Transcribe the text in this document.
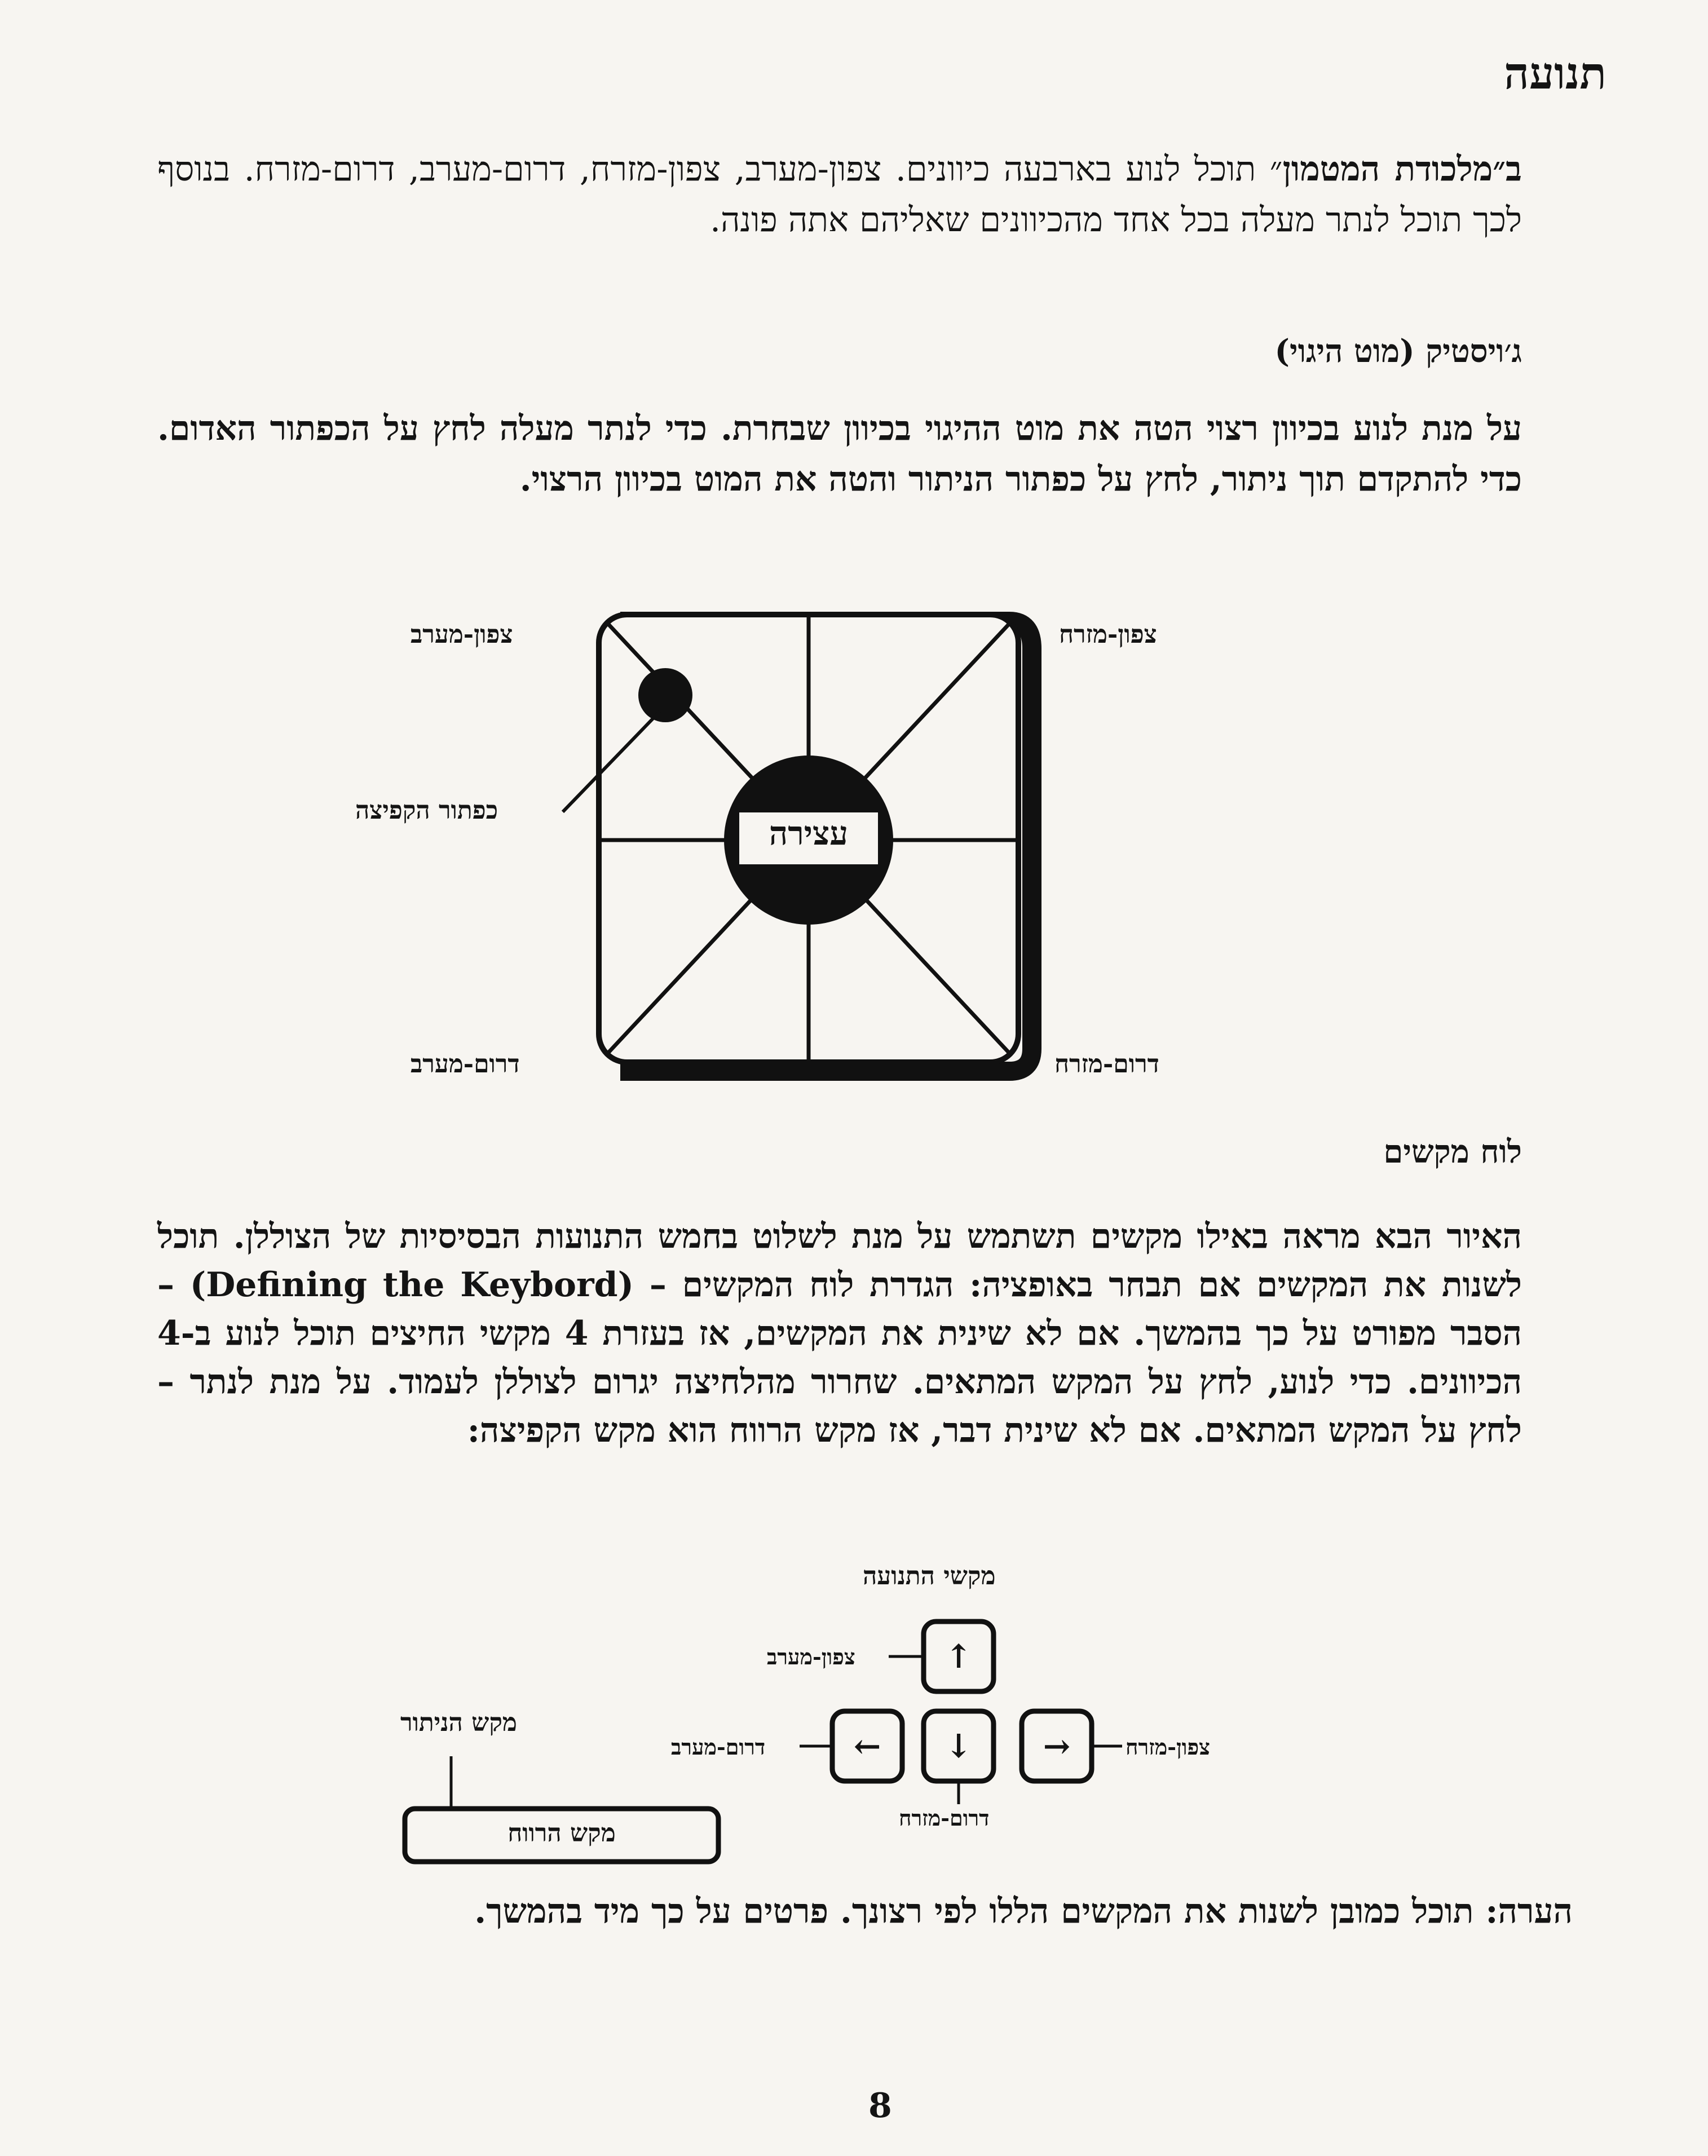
תנועה
ב״מלכודת המטמון״ תוכל לנוע בארבעה כיוונים. צפון-מערב, צפון-מזרח, דרום-מערב, דרום-מזרח. בנוסף לכך תוכל לנתר מעלה בכל אחד מהכיוונים שאליהם אתה פונה.
ג׳ויסטיק (מוט היגוי)
על מנת לנוע בכיוון רצוי הטה את מוט ההיגוי בכיוון שבחרת. כדי לנתר מעלה לחץ על הכפתור האדום. כדי להתקדם תוך ניתור, לחץ על כפתור הניתור והטה את המוט בכיוון הרצוי.
עצירה
צפון-מערב	צפון-מזרח
דרום-מערב	דרום-מזרח
כפתור הקפיצה
לוח מקשים
האיור הבא מראה באילו מקשים תשתמש על מנת לשלוט בחמש התנועות הבסיסיות של הצוללן. תוכל לשנות את המקשים אם תבחר באופציה: הגדרת לוח המקשים – (Defining the Keybord) – הסבר מפורט על כך בהמשך. אם לא שינית את המקשים, אז בעזרת 4 מקשי החיצים תוכל לנוע ב-4 הכיוונים. כדי לנוע, לחץ על המקש המתאים. שחרור מהלחיצה יגרום לצוללן לעמוד. על מנת לנתר – לחץ על המקש המתאים. אם לא שינית דבר, אז מקש הרווח הוא מקש הקפיצה:
↑
←	↓	→
מקשי התנועה
צפון-מערב
דרום-מערב	צפון-מזרח
דרום-מזרח
מקש הניתור
מקש הרווח
הערה: תוכל כמובן לשנות את המקשים הללו לפי רצונך. פרטים על כך מיד בהמשך.
8
